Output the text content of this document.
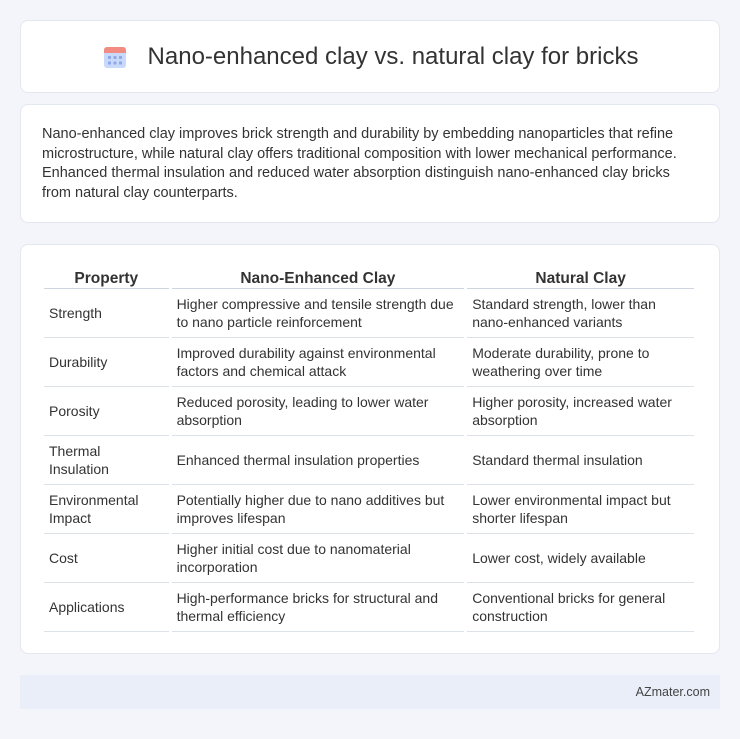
Nano-enhanced clay vs. natural clay for bricks

Nano-enhanced clay improves brick strength and durability by embedding nanoparticles that refine microstructure, while natural clay offers traditional composition with lower mechanical performance. Enhanced thermal insulation and reduced water absorption distinguish nano-enhanced clay bricks from natural clay counterparts.

Property	Nano-Enhanced Clay	Natural Clay
Strength	Higher compressive and tensile strength due to nano particle reinforcement	Standard strength, lower than nano-enhanced variants
Durability	Improved durability against environmental factors and chemical attack	Moderate durability, prone to weathering over time
Porosity	Reduced porosity, leading to lower water absorption	Higher porosity, increased water absorption
Thermal Insulation	Enhanced thermal insulation properties	Standard thermal insulation
Environmental Impact	Potentially higher due to nano additives but improves lifespan	Lower environmental impact but shorter lifespan
Cost	Higher initial cost due to nanomaterial incorporation	Lower cost, widely available
Applications	High-performance bricks for structural and thermal efficiency	Conventional bricks for general construction
AZmater.com
